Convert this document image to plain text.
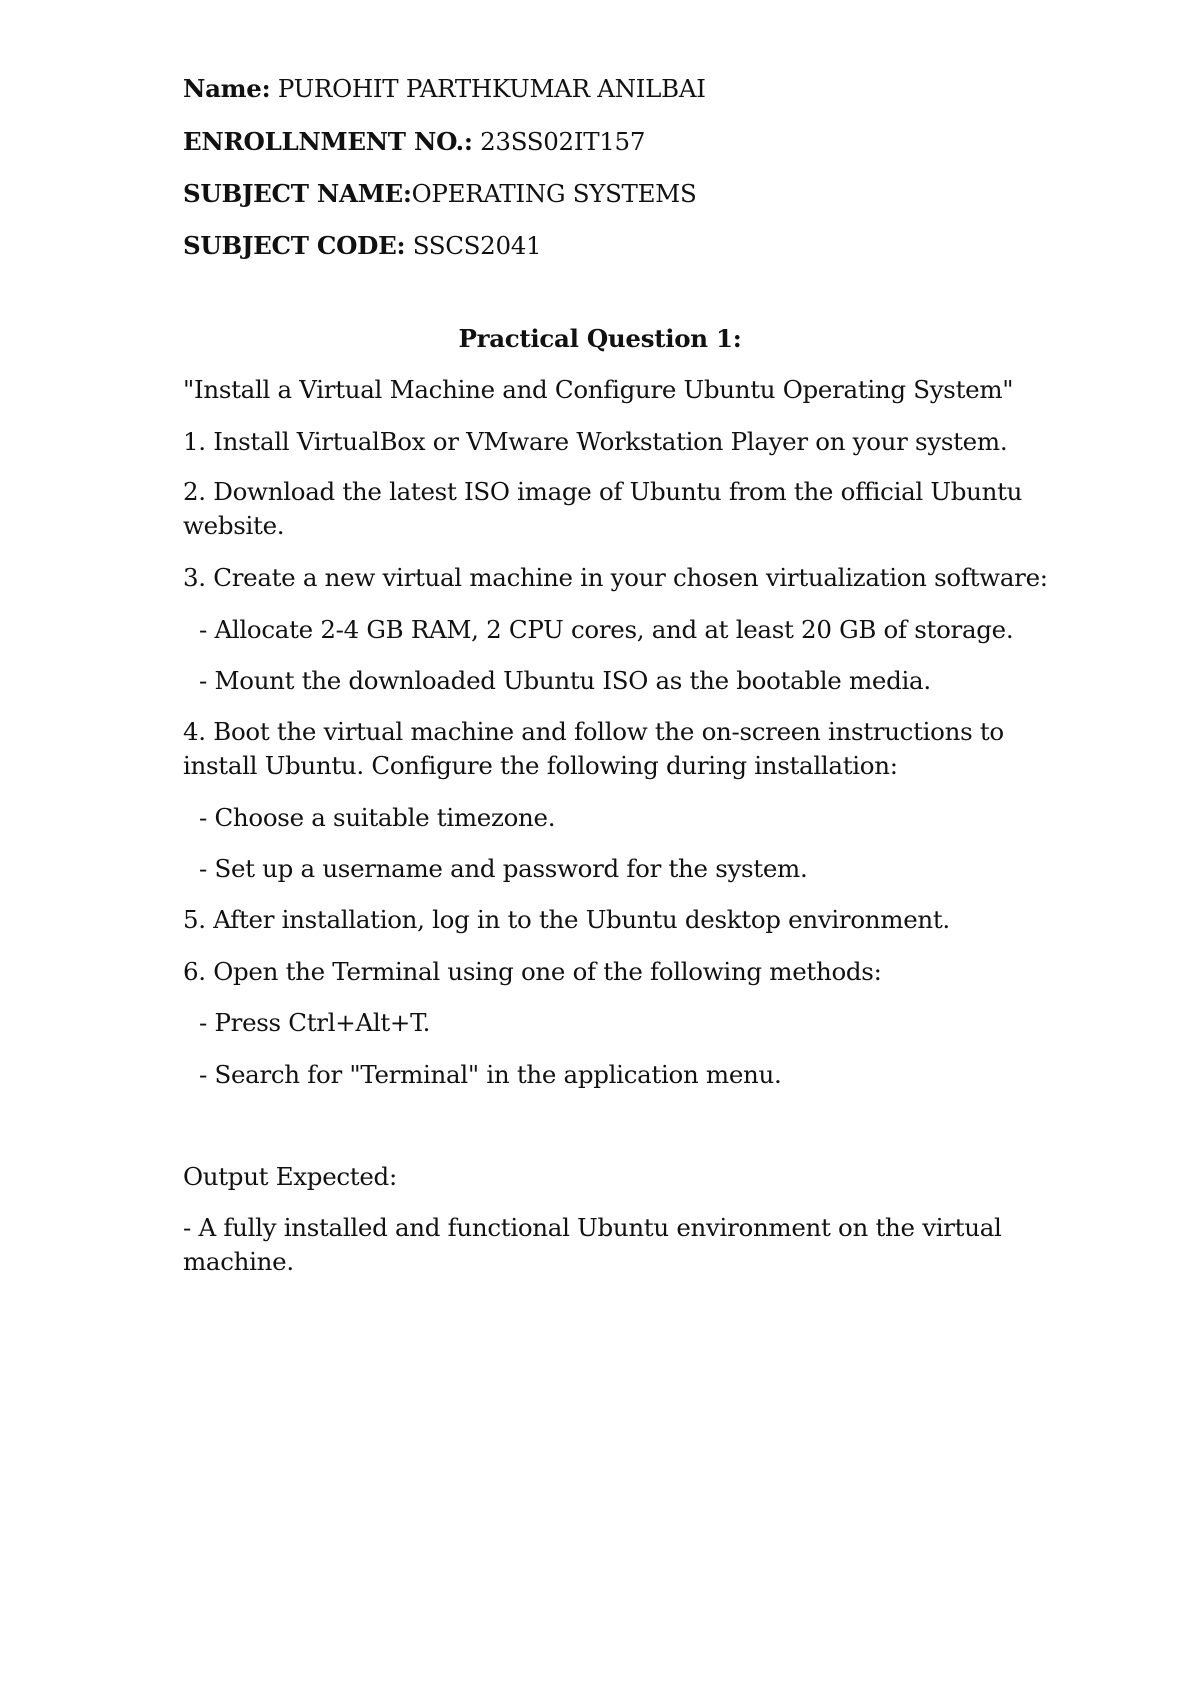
Name: PUROHIT PARTHKUMAR ANILBAI
ENROLLNMENT NO.: 23SS02IT157
SUBJECT NAME:OPERATING SYSTEMS
SUBJECT CODE: SSCS2041
Practical Question 1:
"Install a Virtual Machine and Configure Ubuntu Operating System"
1. Install VirtualBox or VMware Workstation Player on your system.
2. Download the latest ISO image of Ubuntu from the official Ubuntu
website.
3. Create a new virtual machine in your chosen virtualization software:
- Allocate 2-4 GB RAM, 2 CPU cores, and at least 20 GB of storage.
- Mount the downloaded Ubuntu ISO as the bootable media.
4. Boot the virtual machine and follow the on-screen instructions to
install Ubuntu. Configure the following during installation:
- Choose a suitable timezone.
- Set up a username and password for the system.
5. After installation, log in to the Ubuntu desktop environment.
6. Open the Terminal using one of the following methods:
- Press Ctrl+Alt+T.
- Search for "Terminal" in the application menu.
Output Expected:
- A fully installed and functional Ubuntu environment on the virtual
machine.
